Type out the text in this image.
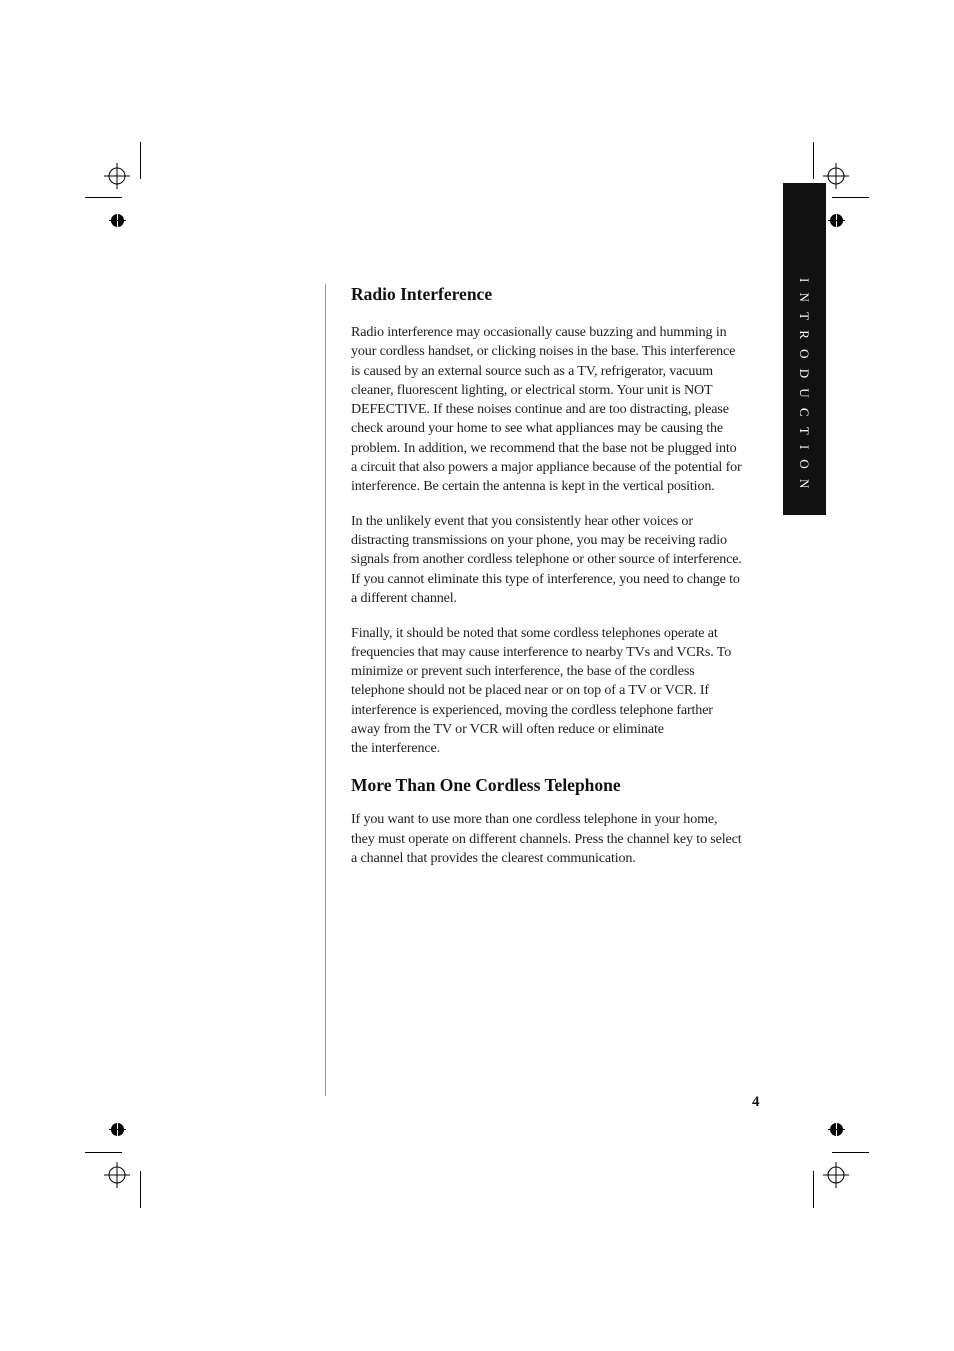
INTRODUCTION
Radio Interference

Radio interference may occasionally cause buzzing and humming in
your cordless handset, or clicking noises in the base. This interference
is caused by an external source such as a TV, refrigerator, vacuum
cleaner, fluorescent lighting, or electrical storm. Your unit is NOT
DEFECTIVE. If these noises continue and are too distracting, please
check around your home to see what appliances may be causing the
problem. In addition, we recommend that the base not be plugged into
a circuit that also powers a major appliance because of the potential for
interference. Be certain the antenna is kept in the vertical position.

In the unlikely event that you consistently hear other voices or
distracting transmissions on your phone, you may be receiving radio
signals from another cordless telephone or other source of interference.
If you cannot eliminate this type of interference, you need to change to
a different channel.

Finally, it should be noted that some cordless telephones operate at
frequencies that may cause interference to nearby TVs and VCRs. To
minimize or prevent such interference, the base of the cordless
telephone should not be placed near or on top of a TV or VCR. If
interference is experienced, moving the cordless telephone farther
away from the TV or VCR will often reduce or eliminate
the interference.

More Than One Cordless Telephone

If you want to use more than one cordless telephone in your home,
they must operate on different channels. Press the channel key to select
a channel that provides the clearest communication.

4
